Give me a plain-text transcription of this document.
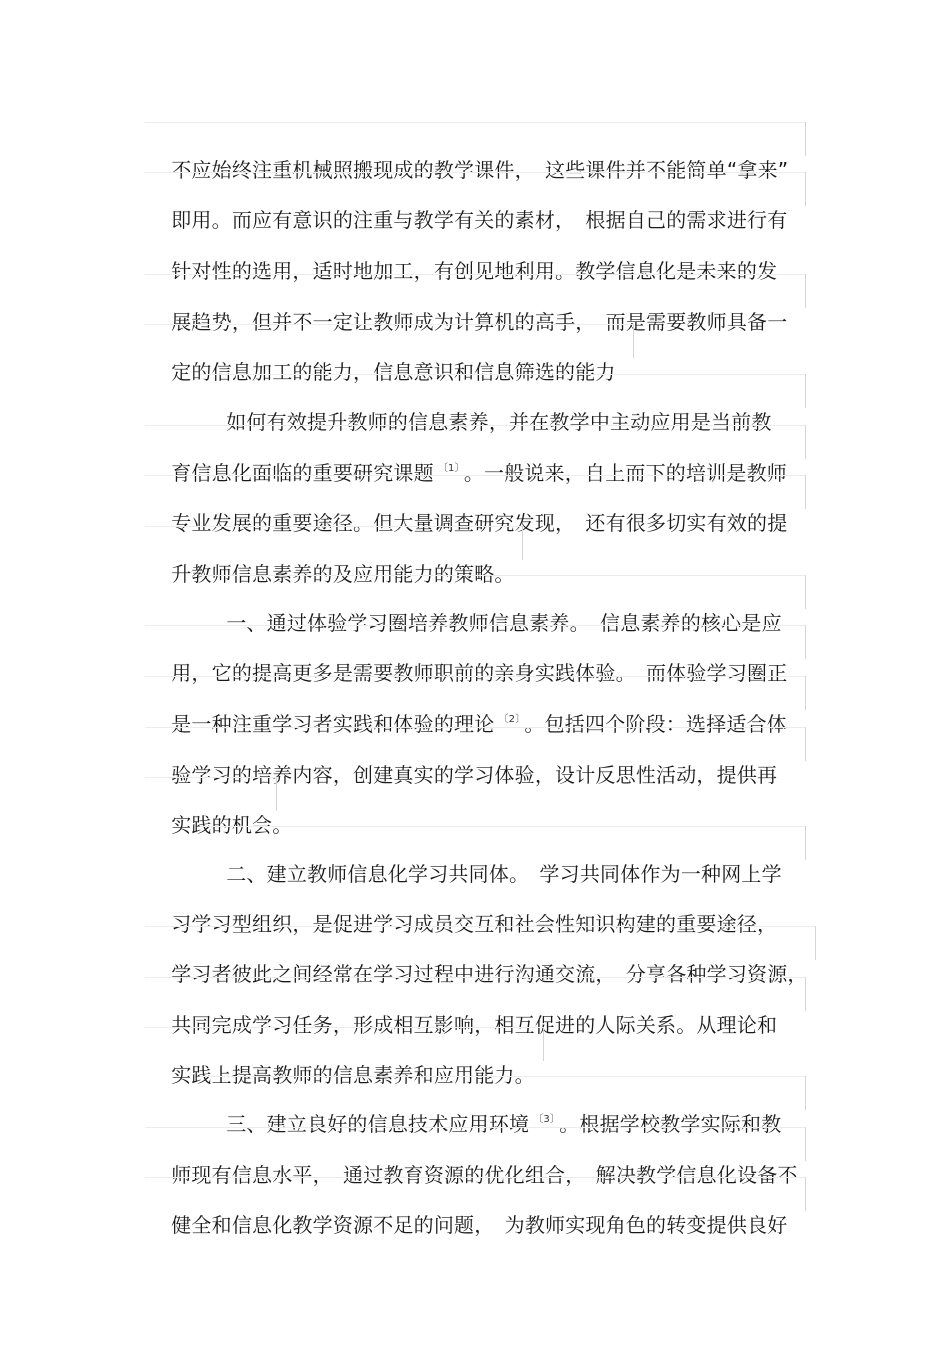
不应始终注重机械照搬现成的教学课件，　这些课件并不能简单“拿来”

即用。而应有意识的注重与教学有关的素材，　根据自己的需求进行有

针对性的选用，适时地加工，有创见地利用。教学信息化是未来的发

展趋势，但并不一定让教师成为计算机的高手，　而是需要教师具备一

定的信息加工的能力，信息意识和信息筛选的能力

如何有效提升教师的信息素养，并在教学中主动应用是当前教

育信息化面临的重要研究课题 $^{〔1〕}$ 。一般说来，自上而下的培训是教师

专业发展的重要途径。但大量调查研究发现，　还有很多切实有效的提

升教师信息素养的及应用能力的策略。

一、通过体验学习圈培养教师信息素养。　信息素养的核心是应

用，它的提高更多是需要教师职前的亲身实践体验。　而体验学习圈正

是一种注重学习者实践和体验的理论 $^{〔2〕}$ 。包括四个阶段：选择适合体

验学习的培养内容，创建真实的学习体验，设计反思性活动，提供再

实践的机会。

二、建立教师信息化学习共同体。　学习共同体作为一种网上学

习学习型组织，是促进学习成员交互和社会性知识构建的重要途径，

学习者彼此之间经常在学习过程中进行沟通交流，　分享各种学习资源，

共同完成学习任务，形成相互影响，相互促进的人际关系。从理论和

实践上提高教师的信息素养和应用能力。

三、建立良好的信息技术应用环境 $^{〔3〕}$ 。根据学校教学实际和教

师现有信息水平，　通过教育资源的优化组合，　解决教学信息化设备不

健全和信息化教学资源不足的问题，　为教师实现角色的转变提供良好
